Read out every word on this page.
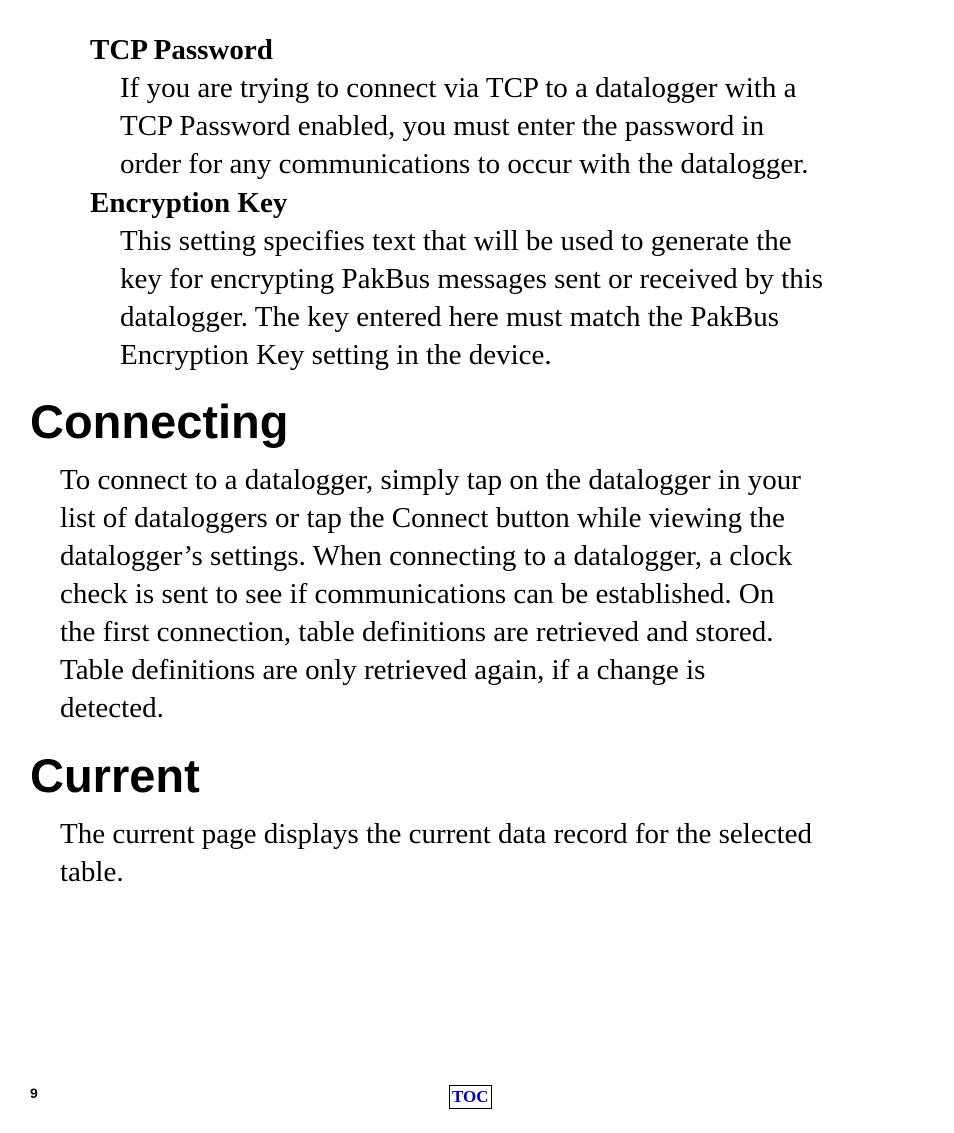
TCP Password
If you are trying to connect via TCP to a datalogger with a
TCP Password enabled, you must enter the password in
order for any communications to occur with the datalogger.
Encryption Key
This setting specifies text that will be used to generate the
key for encrypting PakBus messages sent or received by this
datalogger. The key entered here must match the PakBus
Encryption Key setting in the device.
Connecting
To connect to a datalogger, simply tap on the datalogger in your
list of dataloggers or tap the Connect button while viewing the
datalogger’s settings. When connecting to a datalogger, a clock
check is sent to see if communications can be established. On
the first connection, table definitions are retrieved and stored.
Table definitions are only retrieved again, if a change is
detected.
Current
The current page displays the current data record for the selected
table.
9	TOC
